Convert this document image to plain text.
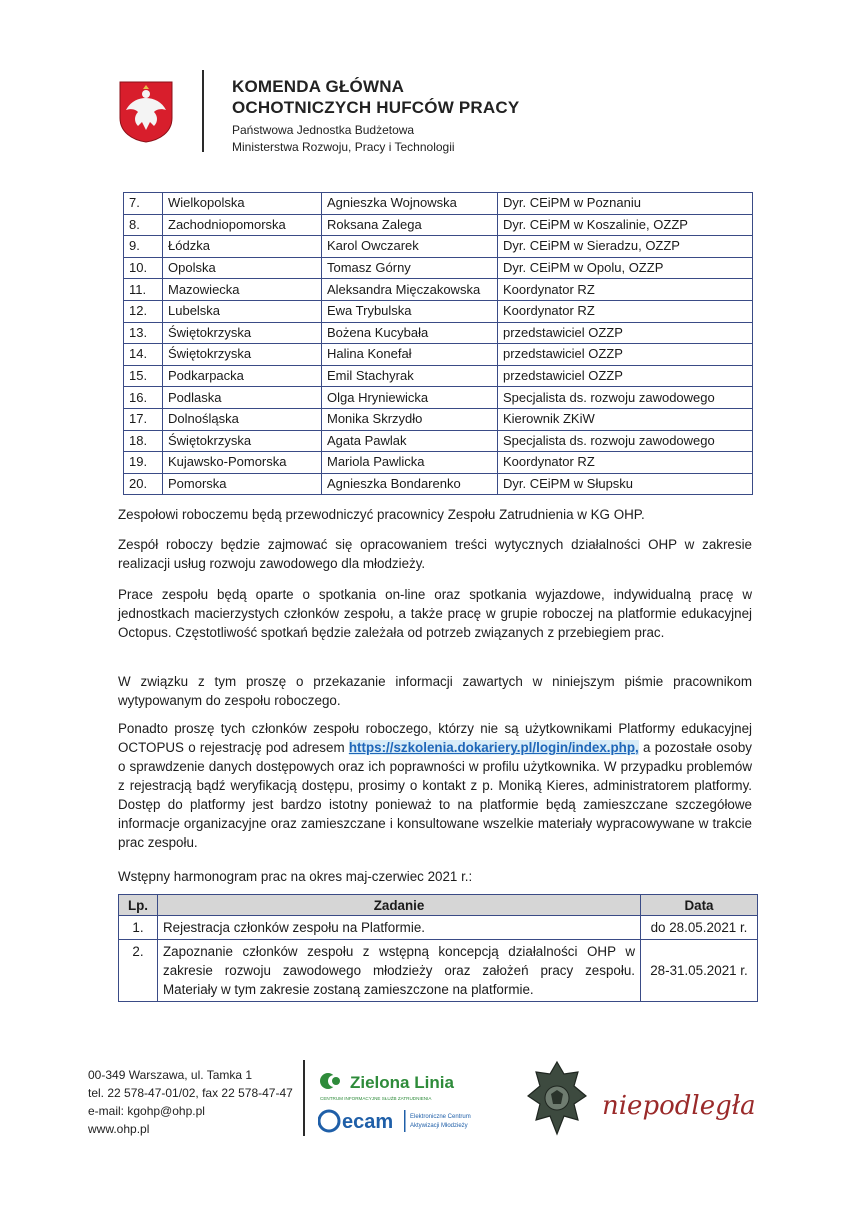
KOMENDA GŁÓWNA
OCHOTNICZYCH HUFCÓW PRACY
Państwowa Jednostka Budżetowa
Ministerstwa Rozwoju, Pracy i Technologii
7.	Wielkopolska	Agnieszka Wojnowska	Dyr. CEiPM w Poznaniu
8.	Zachodniopomorska	Roksana Zalega	Dyr. CEiPM w Koszalinie, OZZP
9.	Łódzka	Karol Owczarek	Dyr. CEiPM w Sieradzu, OZZP
10.	Opolska	Tomasz Górny	Dyr. CEiPM w Opolu, OZZP
11.	Mazowiecka	Aleksandra Mięczakowska	Koordynator RZ
12.	Lubelska	Ewa Trybulska	Koordynator RZ
13.	Świętokrzyska	Bożena Kucybała	przedstawiciel OZZP
14.	Świętokrzyska	Halina Konefał	przedstawiciel OZZP
15.	Podkarpacka	Emil Stachyrak	przedstawiciel OZZP
16.	Podlaska	Olga Hryniewicka	Specjalista ds. rozwoju zawodowego
17.	Dolnośląska	Monika Skrzydło	Kierownik ZKiW
18.	Świętokrzyska	Agata Pawlak	Specjalista ds. rozwoju zawodowego
19.	Kujawsko-Pomorska	Mariola Pawlicka	Koordynator RZ
20.	Pomorska	Agnieszka Bondarenko	Dyr. CEiPM w Słupsku
Zespołowi roboczemu będą przewodniczyć pracownicy Zespołu Zatrudnienia w KG OHP.
Zespół roboczy będzie zajmować się opracowaniem treści wytycznych działalności OHP w zakresie realizacji usług rozwoju zawodowego dla młodzieży.
Prace zespołu będą oparte o spotkania on-line oraz spotkania wyjazdowe, indywidualną pracę w jednostkach macierzystych członków zespołu, a także pracę w grupie roboczej na platformie edukacyjnej Octopus. Częstotliwość spotkań będzie zależała od potrzeb związanych z przebiegiem prac.
W związku z tym proszę o przekazanie informacji zawartych w niniejszym piśmie pracownikom wytypowanym do zespołu roboczego.
Ponadto proszę tych członków zespołu roboczego, którzy nie są użytkownikami Platformy edukacyjnej OCTOPUS o rejestrację pod adresem https://szkolenia.dokariery.pl/login/index.php, a pozostałe osoby o sprawdzenie danych dostępowych oraz ich poprawności w profilu użytkownika. W przypadku problemów z rejestracją bądź weryfikacją dostępu, prosimy o kontakt z p. Moniką Kieres, administratorem platformy. Dostęp do platformy jest bardzo istotny ponieważ to na platformie będą zamieszczane szczegółowe informacje organizacyjne oraz zamieszczane i konsultowane wszelkie materiały wypracowywane w trakcie prac zespołu.
Wstępny harmonogram prac na okres maj-czerwiec 2021 r.:
Lp.	Zadanie	Data
1.	Rejestracja członków zespołu na Platformie.	do 28.05.2021 r.
2.	Zapoznanie członków zespołu z wstępną koncepcją działalności OHP w zakresie rozwoju zawodowego młodzieży oraz założeń pracy zespołu. Materiały w tym zakresie zostaną zamieszczone na platformie.	28-31.05.2021 r.
00-349 Warszawa, ul. Tamka 1
tel. 22 578-47-01/02, fax 22 578-47-47
e-mail: kgohp@ohp.pl
www.ohp.pl
Zielona Linia
CENTRUM INFORMACYJNE SŁUŻB ZATRUDNIENIA
ecam	Elektroniczne Centrum
Aktywizacji Młodzieży
niepodległa
